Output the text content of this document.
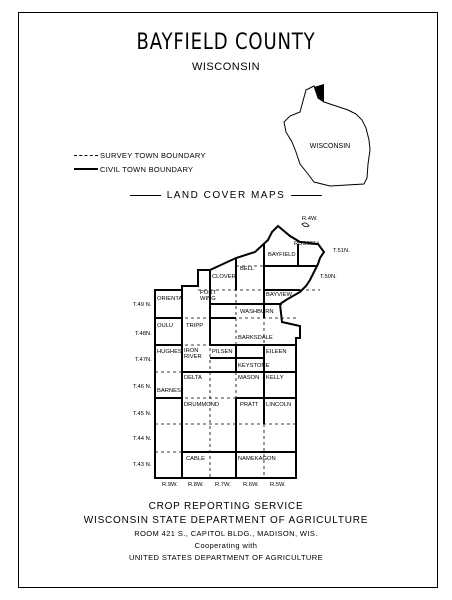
BAYFIELD COUNTY
WISCONSIN
WISCONSIN
SURVEY TOWN BOUNDARY
CIVIL TOWN BOUNDARY
LAND COVER MAPS
RUSSELL
BAYFIELD
BELL
CLOVER
PORT
WING
ORIENTA
BAYVIEW
WASHBURN
OULU TRIPP
BARKSDALE
HUGHES IRON
RIVER
PILSEN	EILEEN
KEYSTONE
DELTA	MASON KELLY
BARNES
DRUMMOND	PRATT LINCOLN
CABLE	NAMEKAGON
T.51N.
T.50N.
T.49 N.
T.48N.
T.47N.
T.46 N.
T.45 N.
T.44 N.
T.43 N.
R.4W.
R.9W. R.8W. R.7W. R.6W. R.5W.
CROP REPORTING SERVICE
WISCONSIN STATE DEPARTMENT OF AGRICULTURE
ROOM 421 S., CAPITOL BLDG., MADISON, WIS.
Cooperating with
UNITED STATES DEPARTMENT OF AGRICULTURE
